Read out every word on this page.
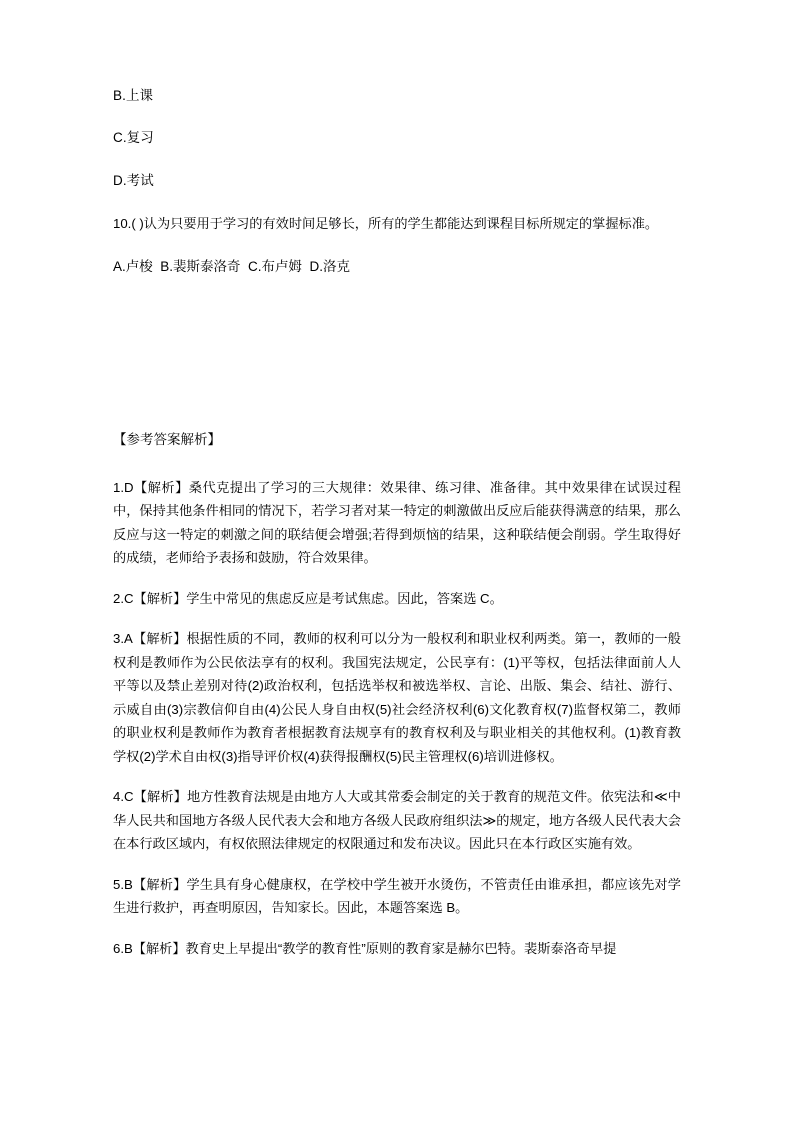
B.上课

C.复习

D.考试

10.( )认为只要用于学习的有效时间足够长，所有的学生都能达到课程目标所规定的掌握标准。

A.卢梭  B.裴斯泰洛奇  C.布卢姆  D.洛克

【参考答案解析】

1.D【解析】桑代克提出了学习的三大规律：效果律、练习律、准备律。其中效果律在试误过程中，保持其他条件相同的情况下，若学习者对某一特定的刺激做出反应后能获得满意的结果，那么反应与这一特定的刺激之间的联结便会增强;若得到烦恼的结果，这种联结便会削弱。学生取得好的成绩，老师给予表扬和鼓励，符合效果律。

2.C【解析】学生中常见的焦虑反应是考试焦虑。因此，答案选 C。

3.A【解析】根据性质的不同，教师的权利可以分为一般权利和职业权利两类。第一，教师的一般权利是教师作为公民依法享有的权利。我国宪法规定，公民享有：(1)平等权，包括法律面前人人平等以及禁止差别对待(2)政治权利，包括选举权和被选举权、言论、出版、集会、结社、游行、示威自由(3)宗教信仰自由(4)公民人身自由权(5)社会经济权利(6)文化教育权(7)监督权第二，教师的职业权利是教师作为教育者根据教育法规享有的教育权利及与职业相关的其他权利。(1)教育教学权(2)学术自由权(3)指导评价权(4)获得报酬权(5)民主管理权(6)培训进修权。

4.C【解析】地方性教育法规是由地方人大或其常委会制定的关于教育的规范文件。依宪法和≪中华人民共和国地方各级人民代表大会和地方各级人民政府组织法≫的规定，地方各级人民代表大会在本行政区域内，有权依照法律规定的权限通过和发布决议。因此只在本行政区实施有效。

5.B【解析】学生具有身心健康权，在学校中学生被开水烫伤，不管责任由谁承担，都应该先对学生进行救护，再查明原因，告知家长。因此，本题答案选 B。

6.B【解析】教育史上早提出“教学的教育性”原则的教育家是赫尔巴特。裴斯泰洛奇早提
